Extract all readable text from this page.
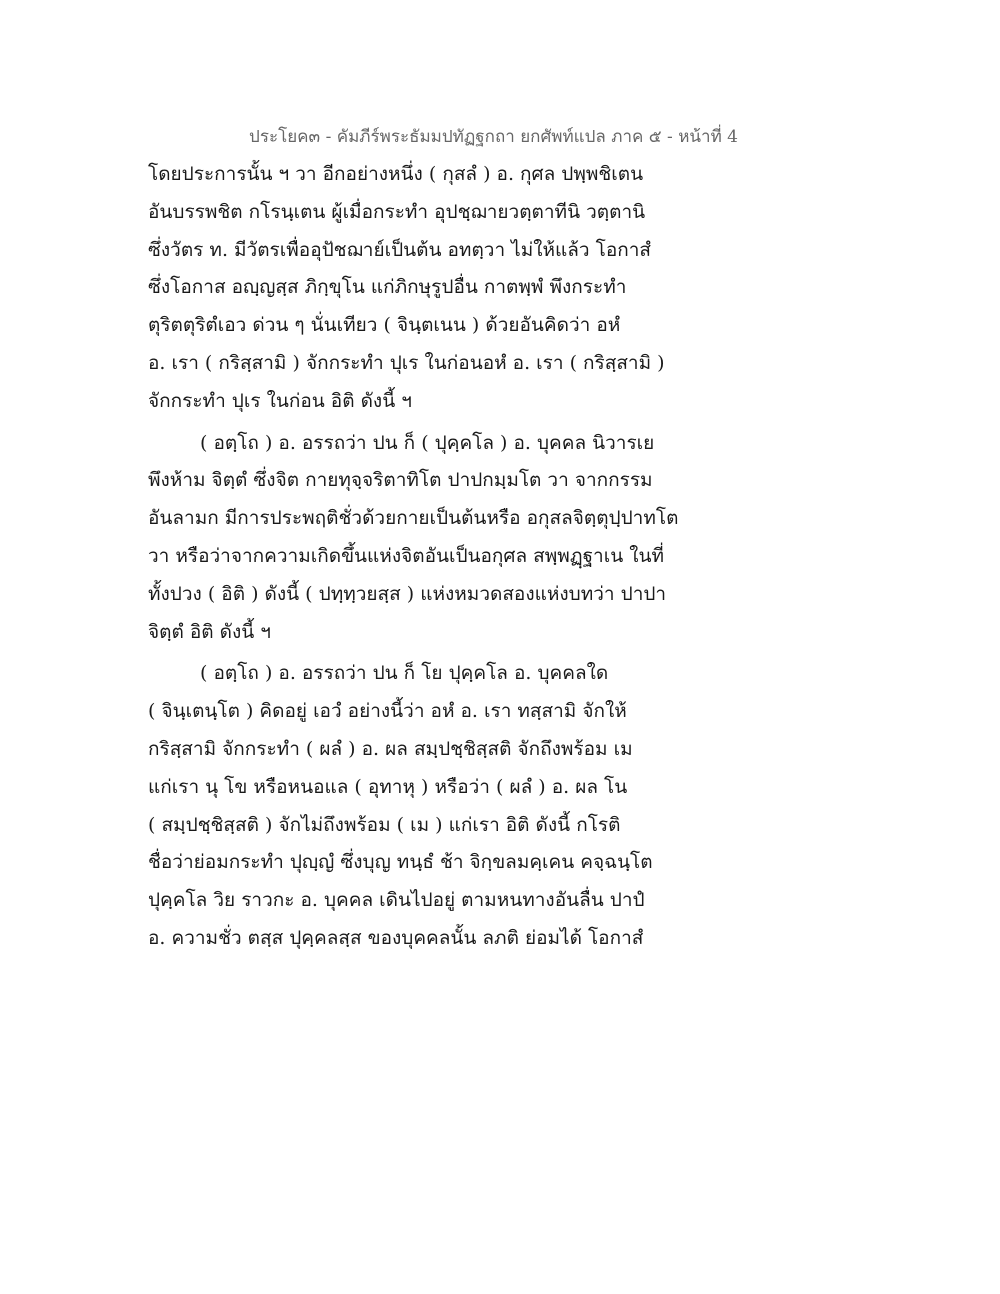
ประโยค๓ - คัมภีร์พระธัมมปทัฏฐกถา ยกศัพท์แปล ภาค ๕ - หน้าที่ 4
โดยประการนั้น ฯ วา อีกอย่างหนึ่ง ( กุสลํ ) อ. กุศล ปพฺพชิเตน
อันบรรพชิต กโรนฺเตน ผู้เมื่อกระทำ อุปชฺฌายวตฺตาทีนิ วตฺตานิ
ซึ่งวัตร ท. มีวัตรเพื่ออุปัชฌาย์เป็นต้น อทตฺวา ไม่ให้แล้ว โอกาสํ
ซึ่งโอกาส อญฺญสฺส ภิกฺขุโน แก่ภิกษุรูปอื่น กาตพฺพํ พึงกระทำ
ตุริตตุริตํเอว ด่วน ๆ นั่นเทียว ( จินฺตเนน ) ด้วยอันคิดว่า อหํ
อ. เรา ( กริสฺสามิ ) จักกระทำ ปุเร ในก่อนอหํ อ. เรา ( กริสฺสามิ )
จักกระทำ ปุเร ในก่อน อิติ ดังนี้ ฯ
( อตฺโถ ) อ. อรรถว่า ปน ก็ ( ปุคฺคโล ) อ. บุคคล นิวารเย
พึงห้าม จิตฺตํ ซึ่งจิต กายทุจฺจริตาทิโต ปาปกมฺมโต วา จากกรรม
อันลามก มีการประพฤติชั่วด้วยกายเป็นต้นหรือ อกุสลจิตฺตุปฺปาทโต
วา หรือว่าจากความเกิดขึ้นแห่งจิตอันเป็นอกุศล สพฺพฏฺฐาเน ในที่
ทั้งปวง ( อิติ ) ดังนี้ ( ปทฺทฺวยสฺส ) แห่งหมวดสองแห่งบทว่า ปาปา
จิตฺตํ อิติ ดังนี้ ฯ
( อตฺโถ ) อ. อรรถว่า ปน ก็ โย ปุคฺคโล อ. บุคคลใด
( จินฺเตนฺโต ) คิดอยู่ เอวํ อย่างนี้ว่า อหํ อ. เรา ทสฺสามิ จักให้
กริสฺสามิ จักกระทำ ( ผลํ ) อ. ผล สมฺปชฺชิสฺสติ จักถึงพร้อม เม
แก่เรา นุ โข หรือหนอแล ( อุทาหุ ) หรือว่า ( ผลํ ) อ. ผล โน
( สมฺปชฺชิสฺสติ ) จักไม่ถึงพร้อม ( เม ) แก่เรา อิติ ดังนี้ กโรติ
ชื่อว่าย่อมกระทำ ปุญฺญํ ซึ่งบุญ ทนฺธํ ช้า จิกฺขลมคฺเคน คจฺฉนฺโต
ปุคฺคโล วิย ราวกะ อ. บุคคล เดินไปอยู่ ตามหนทางอันลื่น ปาปํ
อ. ความชั่ว ตสฺส ปุคฺคลสฺส ของบุคคลนั้น ลภติ ย่อมได้ โอกาสํ
